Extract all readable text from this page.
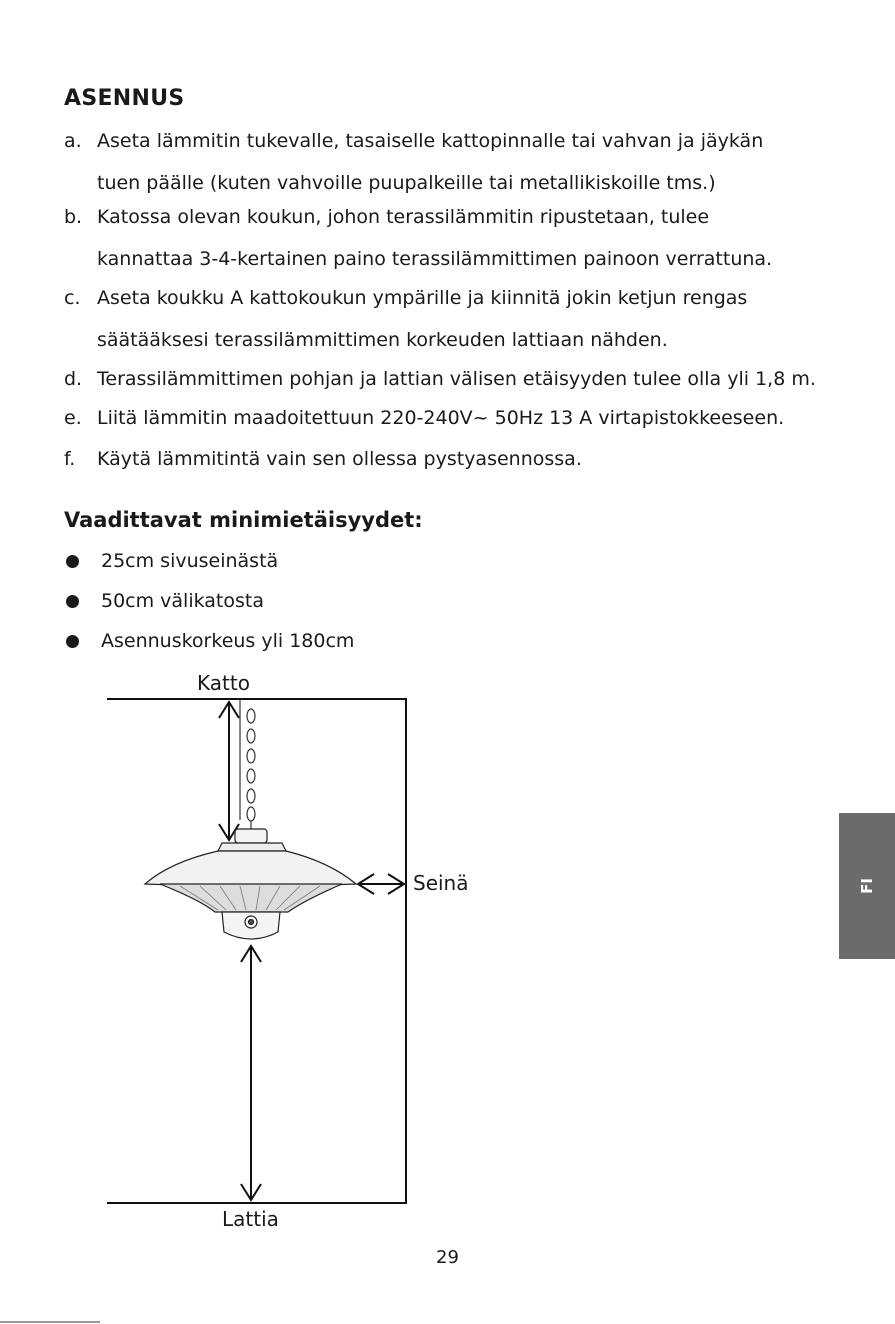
ASENNUS
a. Aseta lämmitin tukevalle, tasaiselle kattopinnalle tai vahvan ja jäykän
tuen päälle (kuten vahvoille puupalkeille tai metallikiskoille tms.)
b. Katossa olevan koukun, johon terassilämmitin ripustetaan, tulee
kannattaa 3-4-kertainen paino terassilämmittimen painoon verrattuna.
c. Aseta koukku A kattokoukun ympärille ja kiinnitä jokin ketjun rengas
säätääksesi terassilämmittimen korkeuden lattiaan nähden.
d. Terassilämmittimen pohjan ja lattian välisen etäisyyden tulee olla yli 1,8 m.
e. Liitä lämmitin maadoitettuun 220-240V~ 50Hz 13 A virtapistokkeeseen.
f. Käytä lämmitintä vain sen ollessa pystyasennossa.
Vaadittavat minimietäisyydet:
25cm sivuseinästä
50cm välikatosta
Asennuskorkeus yli 180cm
Katto
Seinä
Lattia
FI
29
